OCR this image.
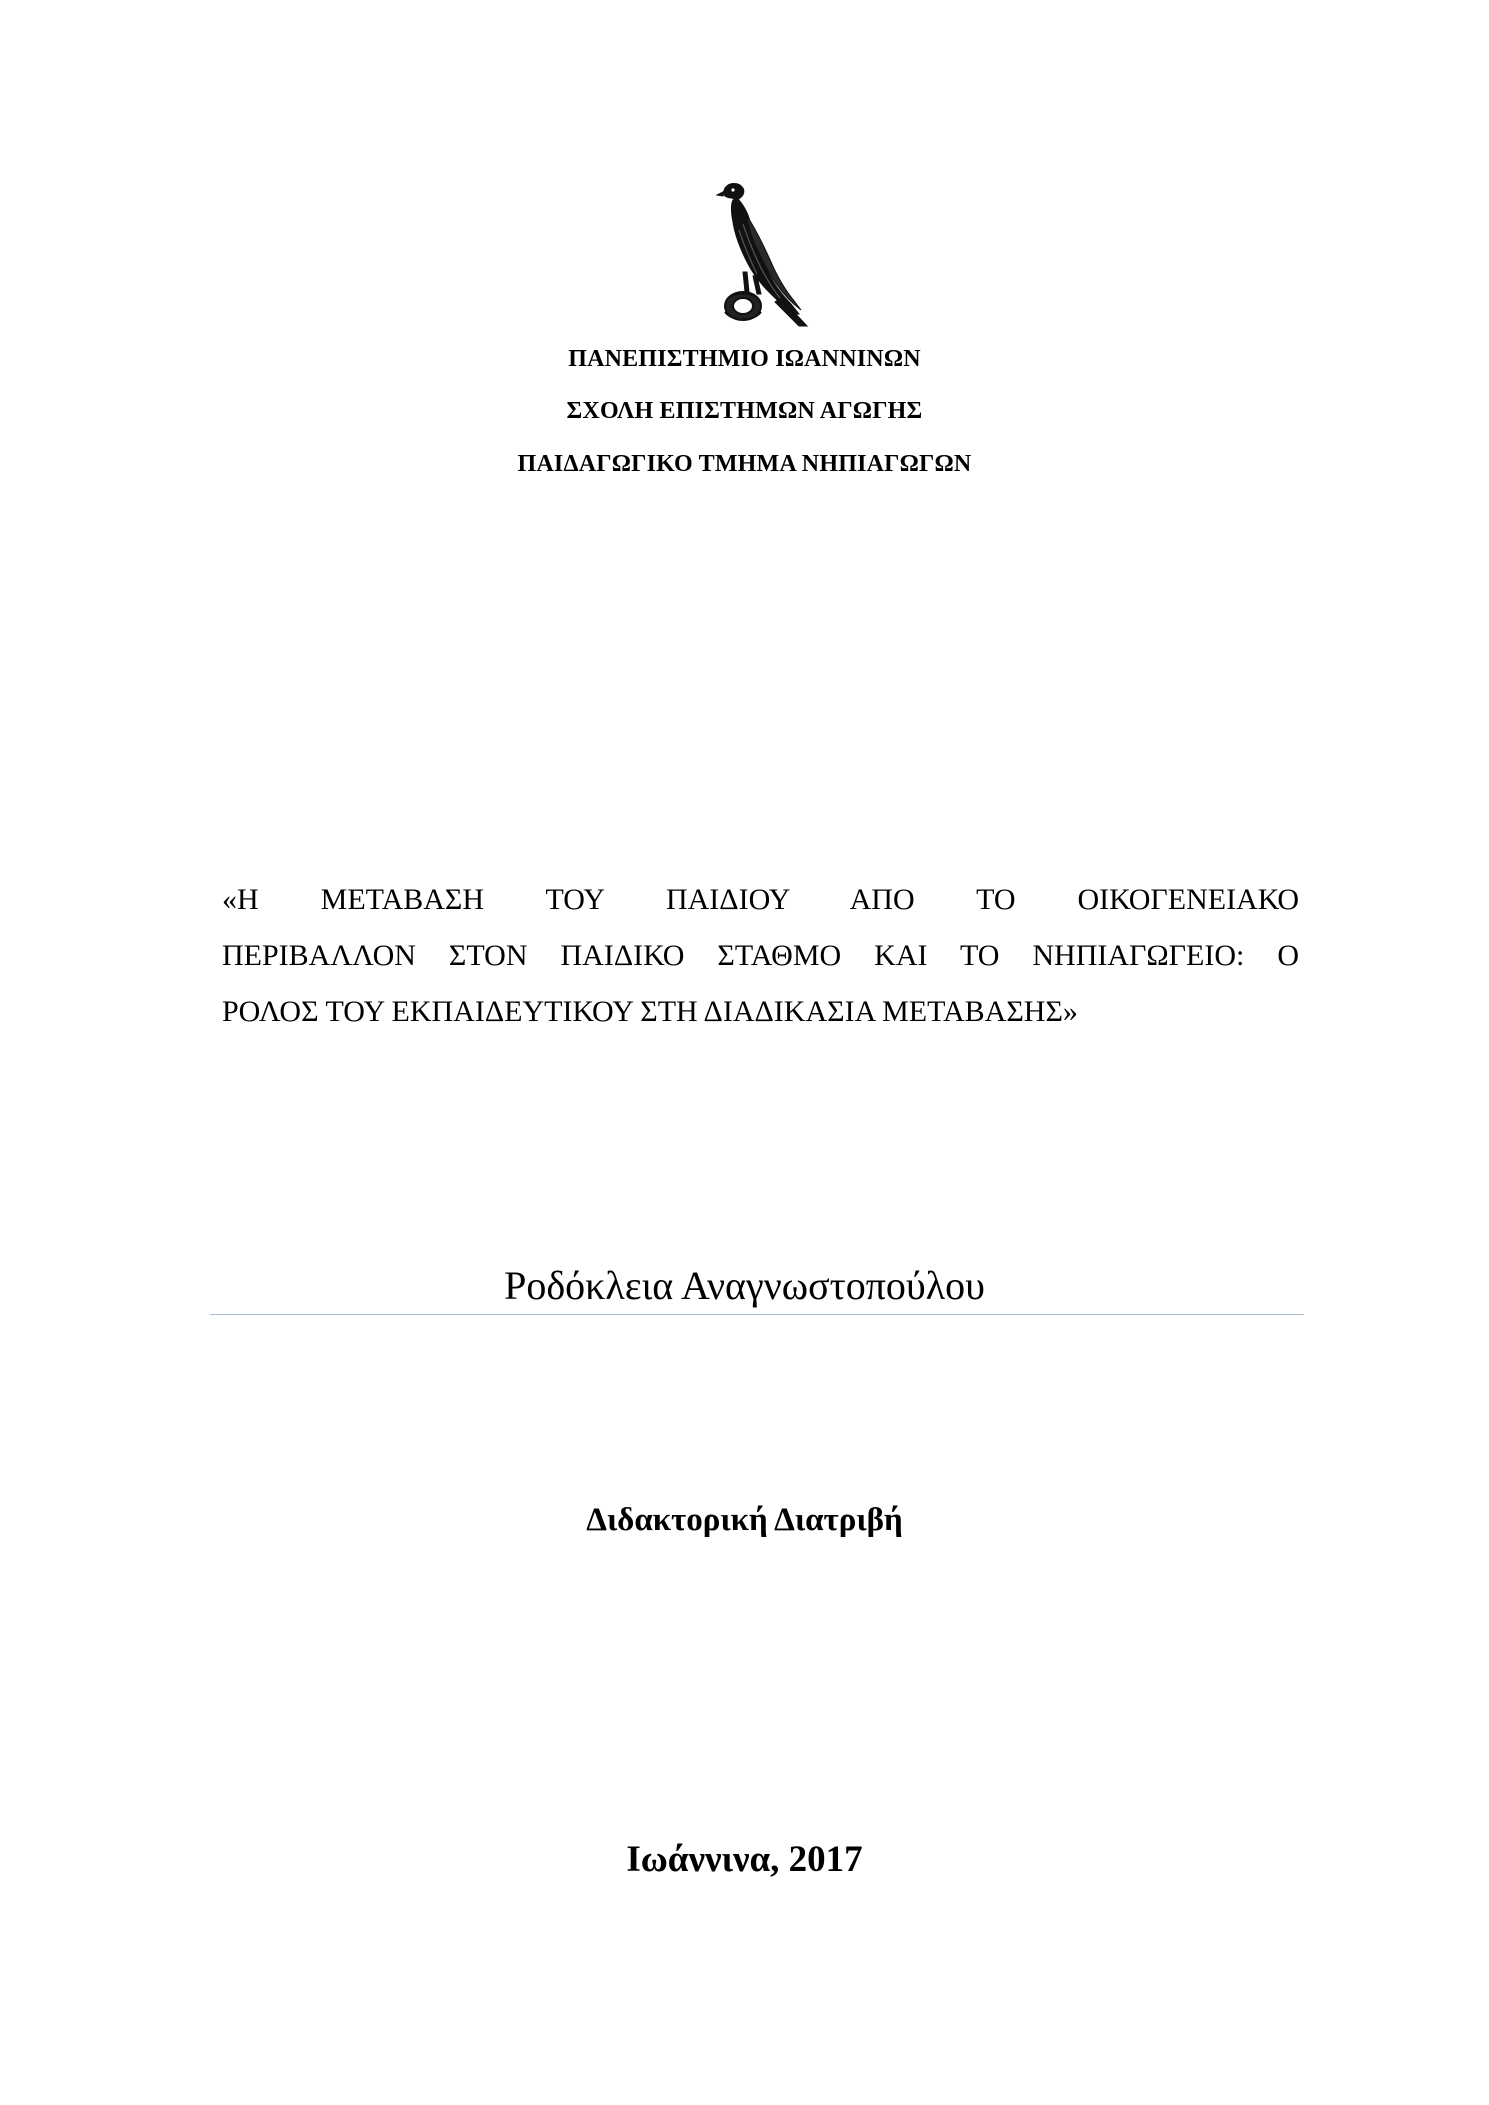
ΠΑΝΕΠΙΣΤΗΜΙΟ ΙΩΑΝΝΙΝΩΝ
ΣΧΟΛΗ ΕΠΙΣΤΗΜΩΝ ΑΓΩΓΗΣ
ΠΑΙΔΑΓΩΓΙΚΟ ΤΜΗΜΑ ΝΗΠΙΑΓΩΓΩΝ
«Η ΜΕΤΑΒΑΣΗ ΤΟΥ ΠΑΙΔΙΟΥ ΑΠΟ ΤΟ ΟΙΚΟΓΕΝΕΙΑΚΟ
ΠΕΡΙΒΑΛΛΟΝ ΣΤΟΝ ΠΑΙΔΙΚΟ ΣΤΑΘΜΟ ΚΑΙ ΤΟ ΝΗΠΙΑΓΩΓΕΙΟ: Ο
ΡΟΛΟΣ ΤΟΥ ΕΚΠΑΙΔΕΥΤΙΚΟΥ ΣΤΗ ΔΙΑΔΙΚΑΣΙΑ ΜΕΤΑΒΑΣΗΣ»
Ροδόκλεια Αναγνωστοπούλου
Διδακτορική Διατριβή
Ιωάννινα, 2017
